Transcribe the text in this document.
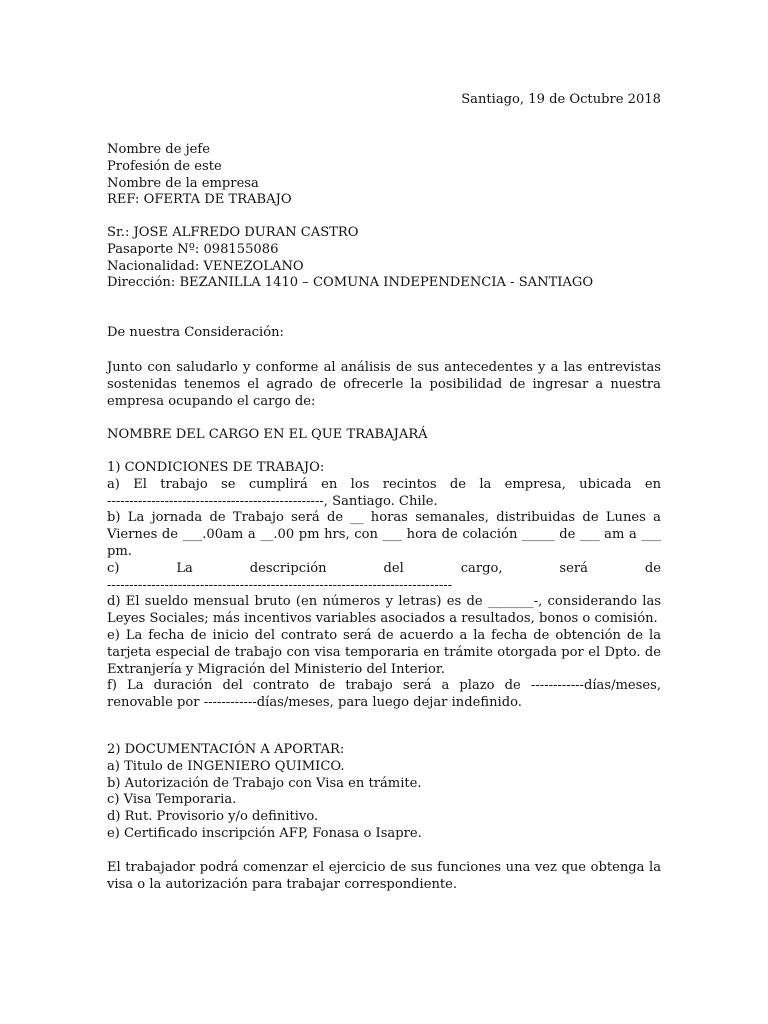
Santiago, 19 de Octubre 2018
Nombre de jefe
Profesión de este
Nombre de la empresa
REF: OFERTA DE TRABAJO
Sr.: JOSE ALFREDO DURAN CASTRO
Pasaporte Nº: 098155086
Nacionalidad: VENEZOLANO
Dirección: BEZANILLA 1410 – COMUNA INDEPENDENCIA - SANTIAGO
De nuestra Consideración:
Junto con saludarlo y conforme al análisis de sus antecedentes y a las entrevistas sostenidas tenemos el agrado de ofrecerle la posibilidad de ingresar a nuestra empresa ocupando el cargo de:
NOMBRE DEL CARGO EN EL QUE TRABAJARÁ
1) CONDICIONES DE TRABAJO:
a) El trabajo se cumplirá en los recintos de la empresa, ubicada en
-------------------------------------------------, Santiago. Chile.
b) La jornada de Trabajo será de __ horas semanales, distribuidas de Lunes a Viernes de ___.00am a __.00 pm hrs, con ___ hora de colación _____ de ___ am a ___ pm.
c) La descripción del cargo, será de
------------------------------------------------------------------------------
d) El sueldo mensual bruto (en números y letras) es de _______-, considerando las Leyes Sociales; más incentivos variables asociados a resultados, bonos o comisión.
e) La fecha de inicio del contrato será de acuerdo a la fecha de obtención de la tarjeta especial de trabajo con visa temporaria en trámite otorgada por el Dpto. de Extranjería y Migración del Ministerio del Interior.
f) La duración del contrato de trabajo será a plazo de ------------días/meses, renovable por ------------días/meses, para luego dejar indefinido.
2) DOCUMENTACIÓN A APORTAR:
a) Titulo de INGENIERO QUIMICO.
b) Autorización de Trabajo con Visa en trámite.
c) Visa Temporaria.
d) Rut. Provisorio y/o definitivo.
e) Certificado inscripción AFP, Fonasa o Isapre.
El trabajador podrá comenzar el ejercicio de sus funciones una vez que obtenga la visa o la autorización para trabajar correspondiente.
